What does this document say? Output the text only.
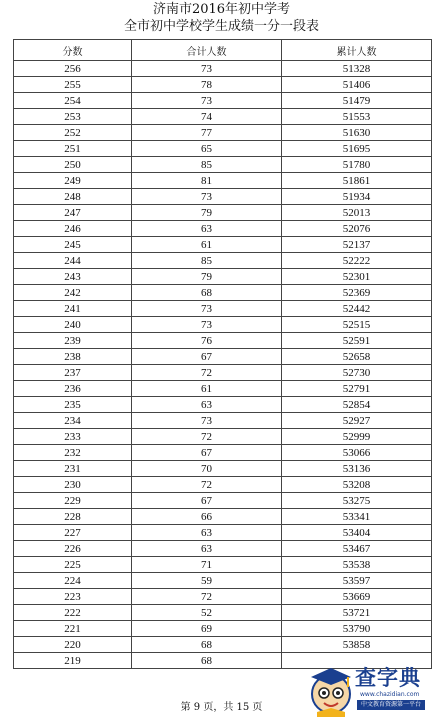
济南市2016年初中学考
全市初中学校学生成绩一分一段表
分数	合计人数	累计人数
256	73	51328
255	78	51406
254	73	51479
253	74	51553
252	77	51630
251	65	51695
250	85	51780
249	81	51861
248	73	51934
247	79	52013
246	63	52076
245	61	52137
244	85	52222
243	79	52301
242	68	52369
241	73	52442
240	73	52515
239	76	52591
238	67	52658
237	72	52730
236	61	52791
235	63	52854
234	73	52927
233	72	52999
232	67	53066
231	70	53136
230	72	53208
229	67	53275
228	66	53341
227	63	53404
226	63	53467
225	71	53538
224	59	53597
223	72	53669
222	52	53721
221	69	53790
220	68	53858
219	68	
第 9 页，共 15 页
查字典
www.chazidian.com
中文教育资源第一平台
